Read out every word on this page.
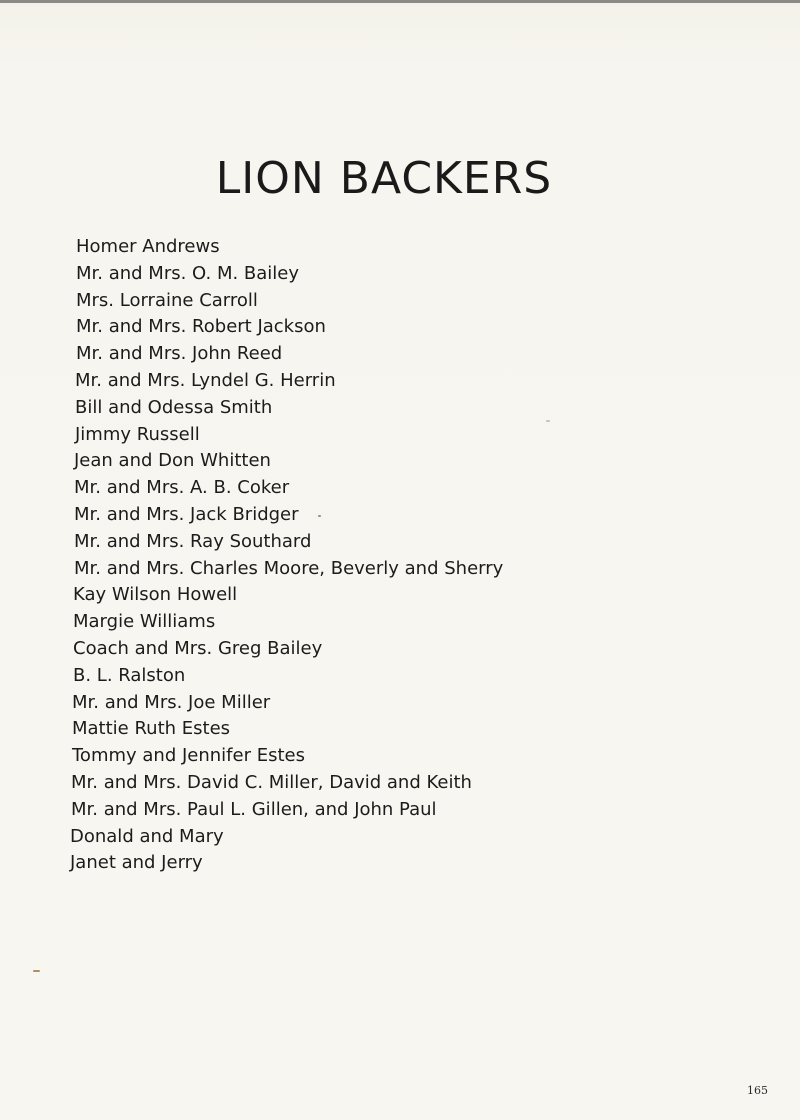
LION BACKERS
Homer Andrews
Mr. and Mrs. O. M. Bailey
Mrs. Lorraine Carroll
Mr. and Mrs. Robert Jackson
Mr. and Mrs. John Reed
Mr. and Mrs. Lyndel G. Herrin
Bill and Odessa Smith
Jimmy Russell
Jean and Don Whitten
Mr. and Mrs. A. B. Coker
Mr. and Mrs. Jack Bridger
Mr. and Mrs. Ray Southard
Mr. and Mrs. Charles Moore, Beverly and Sherry
Kay Wilson Howell
Margie Williams
Coach and Mrs. Greg Bailey
B. L. Ralston
Mr. and Mrs. Joe Miller
Mattie Ruth Estes
Tommy and Jennifer Estes
Mr. and Mrs. David C. Miller, David and Keith
Mr. and Mrs. Paul L. Gillen, and John Paul
Donald and Mary
Janet and Jerry
165
